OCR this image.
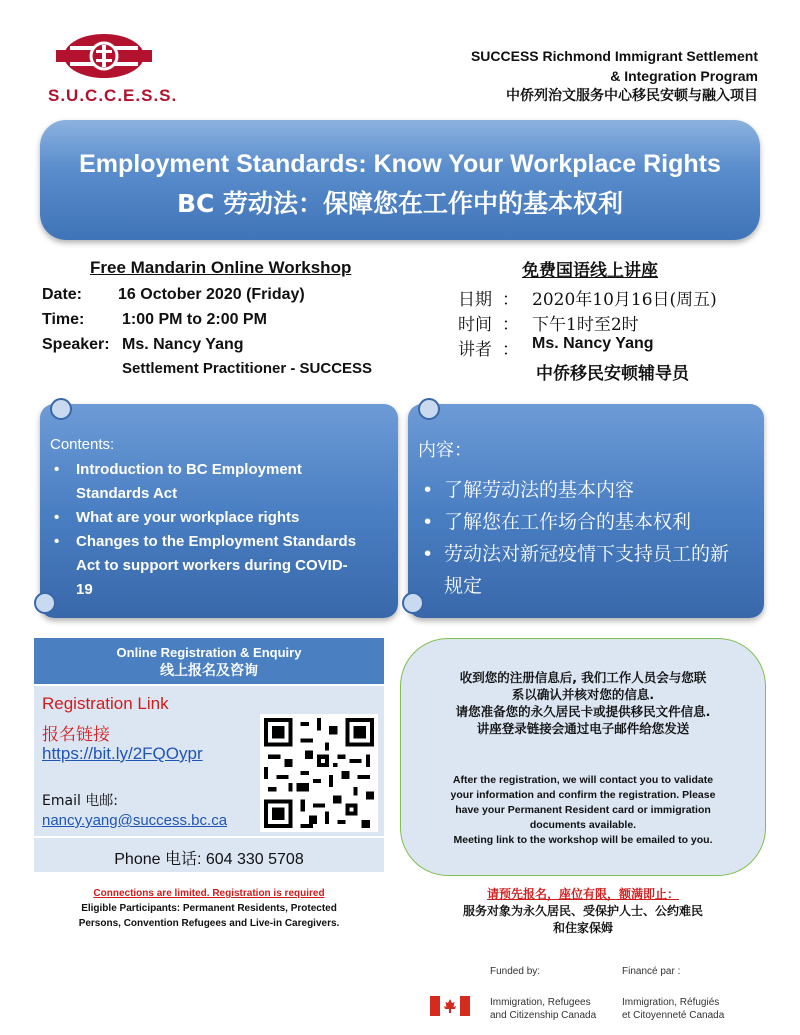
S.U.C.C.E.S.S.
SUCCESS Richmond Immigrant Settlement
& Integration Program
中侨列治文服务中心移民安顿与融入项目
Employment Standards: Know Your Workplace Rights
BC 劳动法：保障您在工作中的基本权利
Free Mandarin Online Workshop
Date: 16 October 2020 (Friday)
Time: 1:00 PM to 2:00 PM
Speaker: Ms. Nancy Yang
Settlement Practitioner - SUCCESS
免费国语线上讲座
日期 ： 2020年10月16日(周五)
时间 ： 下午1时至2时
讲者 ： Ms. Nancy Yang
中侨移民安顿辅导员
Contents:
• Introduction to BC Employment Standards Act
• What are your workplace rights
• Changes to the Employment Standards Act to support workers during COVID-19
内容：
• 了解劳动法的基本内容
• 了解您在工作场合的基本权利
• 劳动法对新冠疫情下支持员工的新规定
Online Registration & Enquiry
线上报名及咨询
Registration Link
报名链接
https://bit.ly/2FQOypr
Email 电邮:
nancy.yang@success.bc.ca
Phone 电话: 604 330 5708
收到您的注册信息后, 我们工作人员会与您联
系以确认并核对您的信息.
请您准备您的永久居民卡或提供移民文件信息.
讲座登录链接会通过电子邮件给您发送
After the registration, we will contact you to validate
your information and confirm the registration. Please
have your Permanent Resident card or immigration
documents available.
Meeting link to the workshop will be emailed to you.
Connections are limited. Registration is required
Eligible Participants: Permanent Residents, Protected
Persons, Convention Refugees and Live-in Caregivers.
请预先报名，座位有限，额满即止：
服务对象为永久居民、受保护人士、公约难民
和住家保姆
Funded by:	Financé par :
Immigration, Refugees
and Citizenship Canada
Immigration, Réfugiés
et Citoyenneté Canada
